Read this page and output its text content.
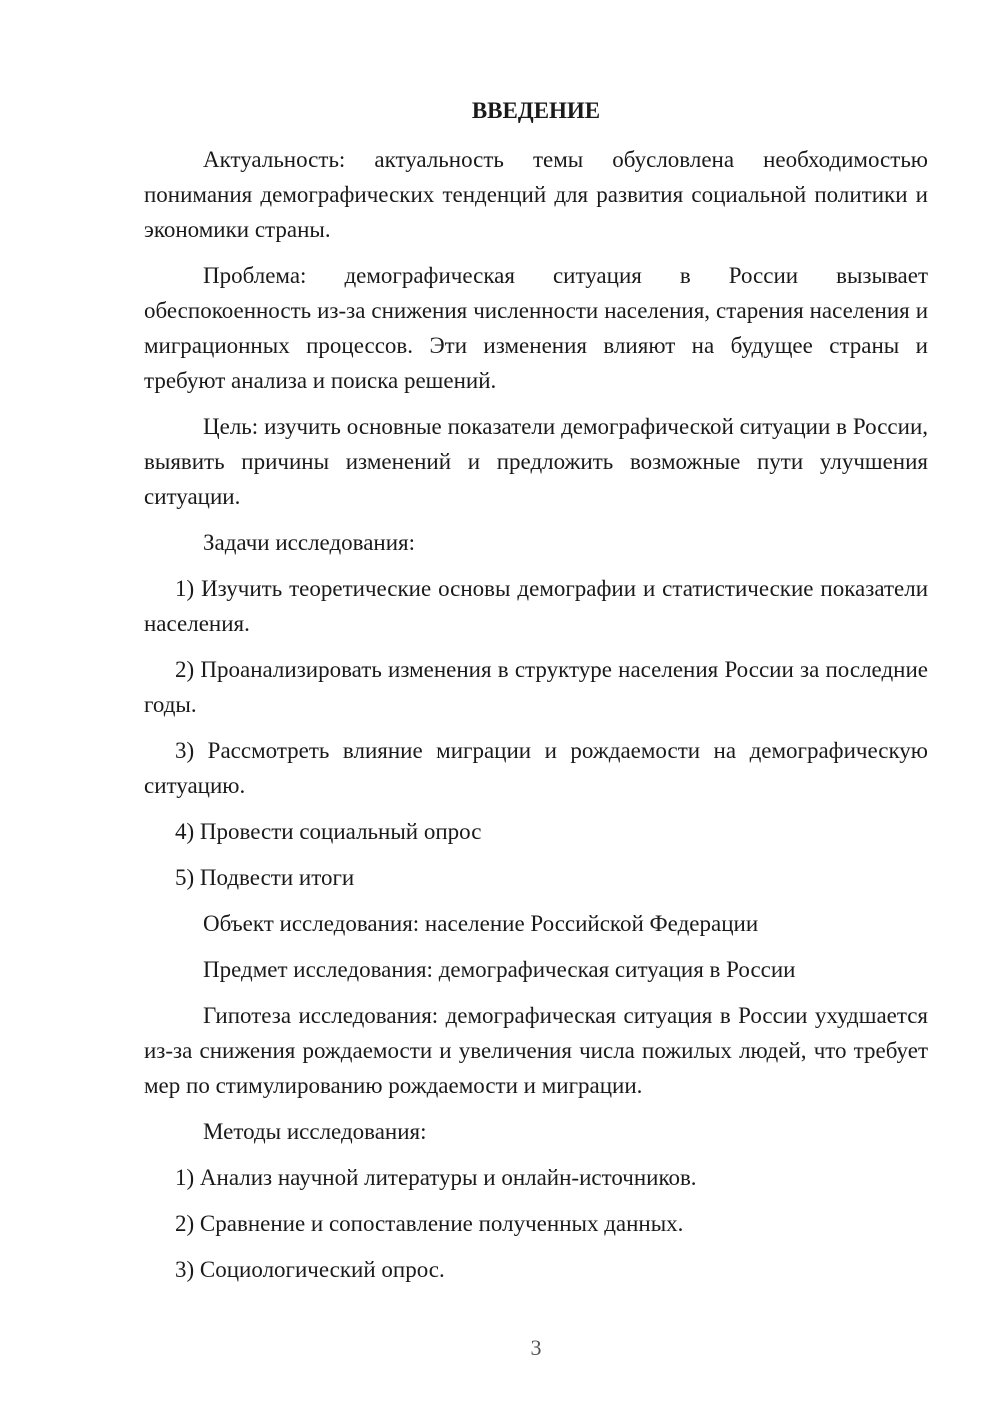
ВВЕДЕНИЕ

Актуальность: актуальность темы обусловлена необходимостью понимания демографических тенденций для развития социальной политики и экономики страны.

Проблема: демографическая ситуация в России вызывает обеспокоенность из-за снижения численности населения, старения населения и миграционных процессов. Эти изменения влияют на будущее страны и требуют анализа и поиска решений.

Цель: изучить основные показатели демографической ситуации в России, выявить причины изменений и предложить возможные пути улучшения ситуации.

Задачи исследования:

1) Изучить теоретические основы демографии и статистические показатели населения.

2) Проанализировать изменения в структуре населения России за последние годы.

3) Рассмотреть влияние миграции и рождаемости на демографическую ситуацию.

4) Провести социальный опрос

5) Подвести итоги

Объект исследования: население Российской Федерации

Предмет исследования: демографическая ситуация в России

Гипотеза исследования: демографическая ситуация в России ухудшается из-за снижения рождаемости и увеличения числа пожилых людей, что требует мер по стимулированию рождаемости и миграции.

Методы исследования:

1) Анализ научной литературы и онлайн-источников.

2) Сравнение и сопоставление полученных данных.

3) Социологический опрос.

3
